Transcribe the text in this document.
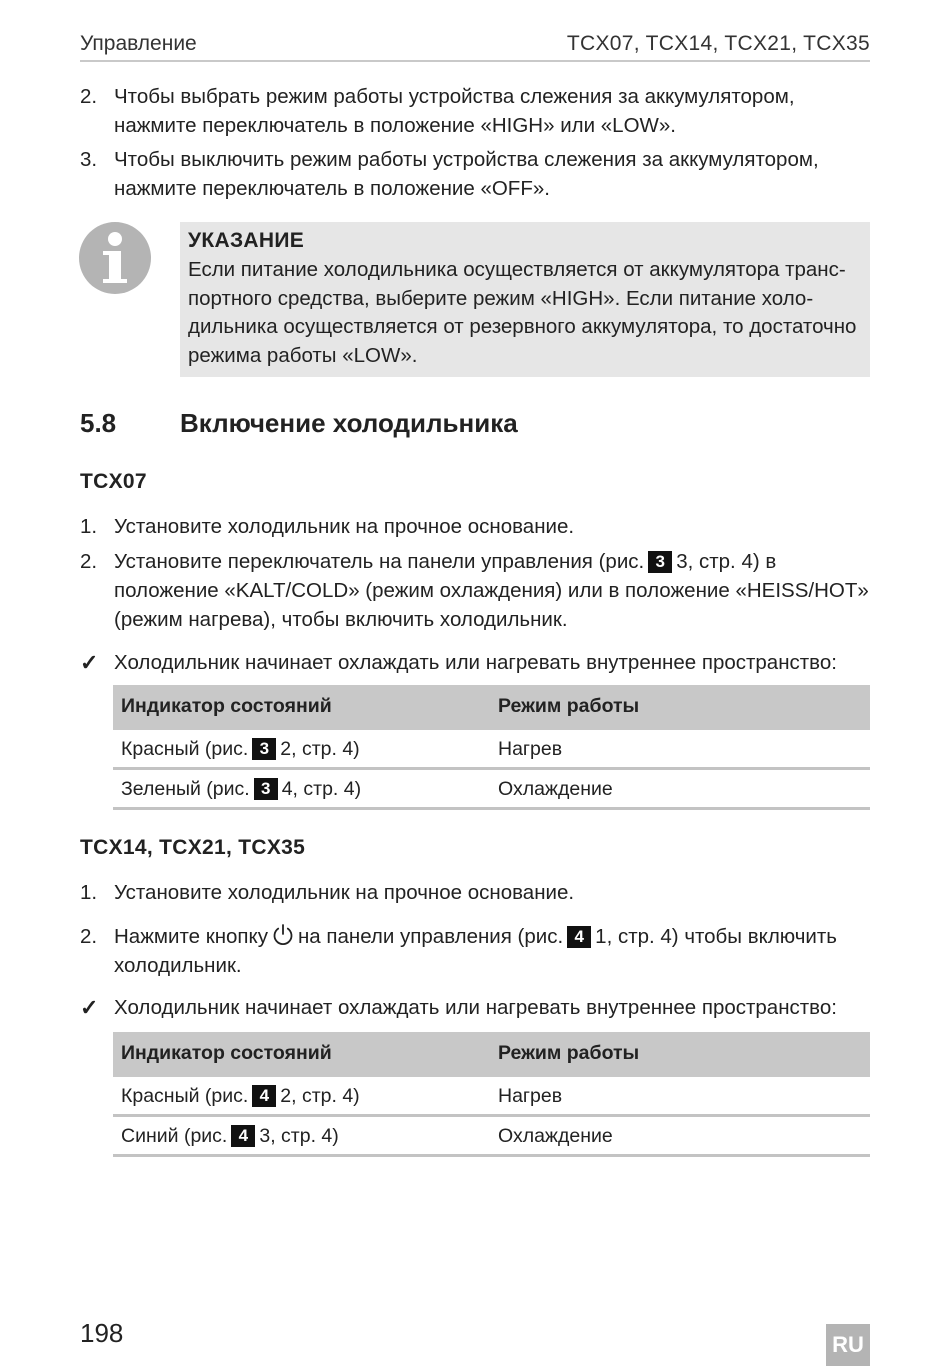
Управление	TCX07, TCX14, TCX21, TCX35
2. Чтобы выбрать режим работы устройства слежения за аккумулятором, нажмите переключатель в положение «HIGH» или «LOW».
3. Чтобы выключить режим работы устройства слежения за аккумулятором, нажмите переключатель в положение «OFF».
УКАЗАНИЕ
Если питание холодильника осуществляется от аккумулятора транспортного средства, выберите режим «HIGH». Если питание холодильника осуществляется от резервного аккумулятора, то достаточно режима работы «LOW».
5.8 Включение холодильника
TCX07
1. Установите холодильник на прочное основание.
2. Установите переключатель на панели управления (рис. 3 3, стр. 4) в положение «KALT/COLD» (режим охлаждения) или в положение «HEISS/HOT» (режим нагрева), чтобы включить холодильник.
✓ Холодильник начинает охлаждать или нагревать внутреннее пространство:
Индикатор состояний	Режим работы
Красный (рис. 3 2, стр. 4)	Нагрев
Зеленый (рис. 3 4, стр. 4)	Охлаждение
TCX14, TCX21, TCX35
1. Установите холодильник на прочное основание.
2. Нажмите кнопку на панели управления (рис. 4 1, стр. 4) чтобы включить холодильник.
✓ Холодильник начинает охлаждать или нагревать внутреннее пространство:
Индикатор состояний	Режим работы
Красный (рис. 4 2, стр. 4)	Нагрев
Синий (рис. 4 3, стр. 4)	Охлаждение
198	RU
